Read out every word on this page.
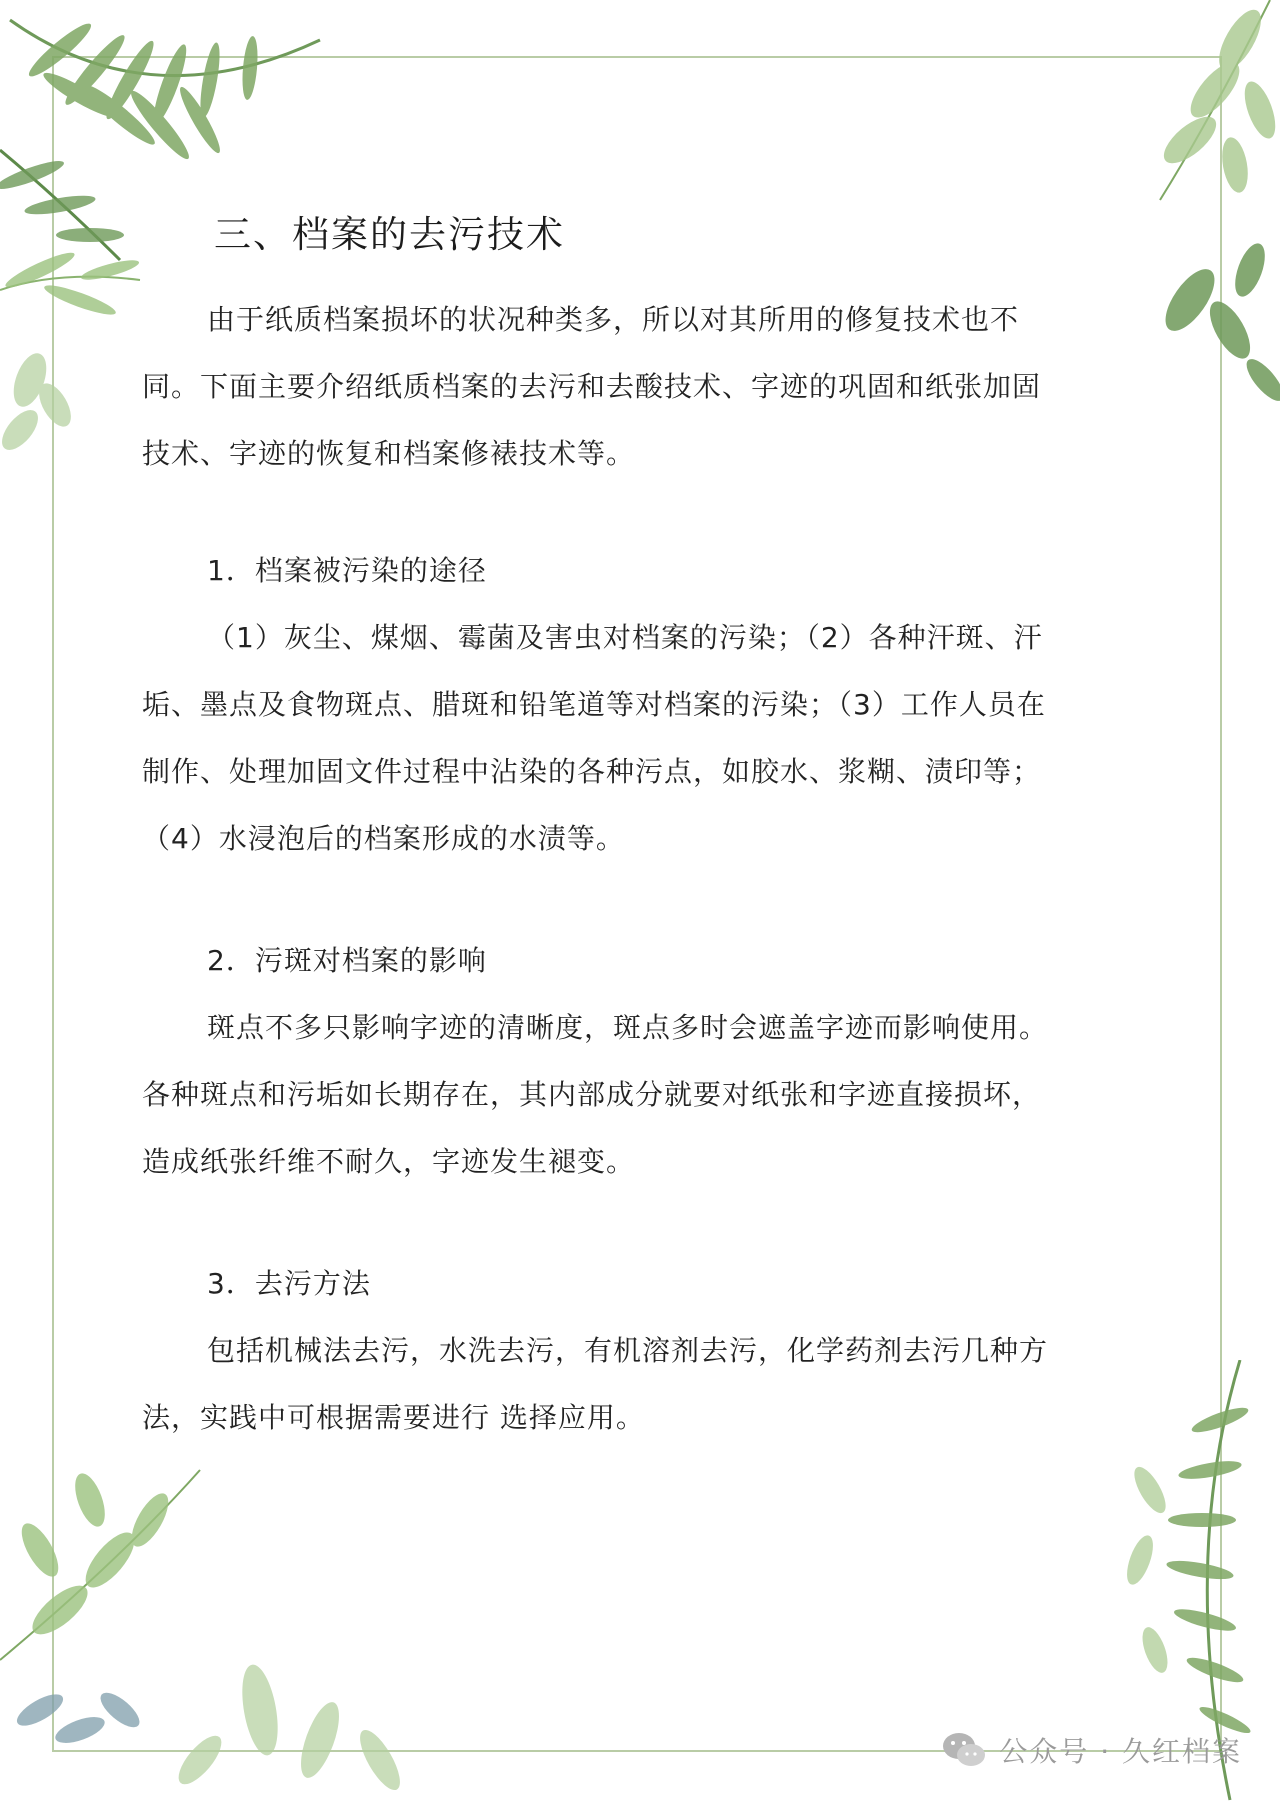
三、档案的去污技术

由于纸质档案损坏的状况种类多，所以对其所用的修复技术也不同。下面主要介绍纸质档案的去污和去酸技术、字迹的巩固和纸张加固技术、字迹的恢复和档案修裱技术等。

1．档案被污染的途径

（1）灰尘、煤烟、霉菌及害虫对档案的污染；（2）各种汗斑、汗垢、墨点及食物斑点、腊斑和铅笔道等对档案的污染；（3）工作人员在制作、处理加固文件过程中沾染的各种污点，如胶水、浆糊、渍印等；（4）水浸泡后的档案形成的水渍等。

2．污斑对档案的影响

斑点不多只影响字迹的清晰度，斑点多时会遮盖字迹而影响使用。各种斑点和污垢如长期存在，其内部成分就要对纸张和字迹直接损坏，造成纸张纤维不耐久，字迹发生褪变。

3．去污方法

包括机械法去污，水洗去污，有机溶剂去污，化学药剂去污几种方法，实践中可根据需要进行 选择应用。

公众号 · 久红档案
